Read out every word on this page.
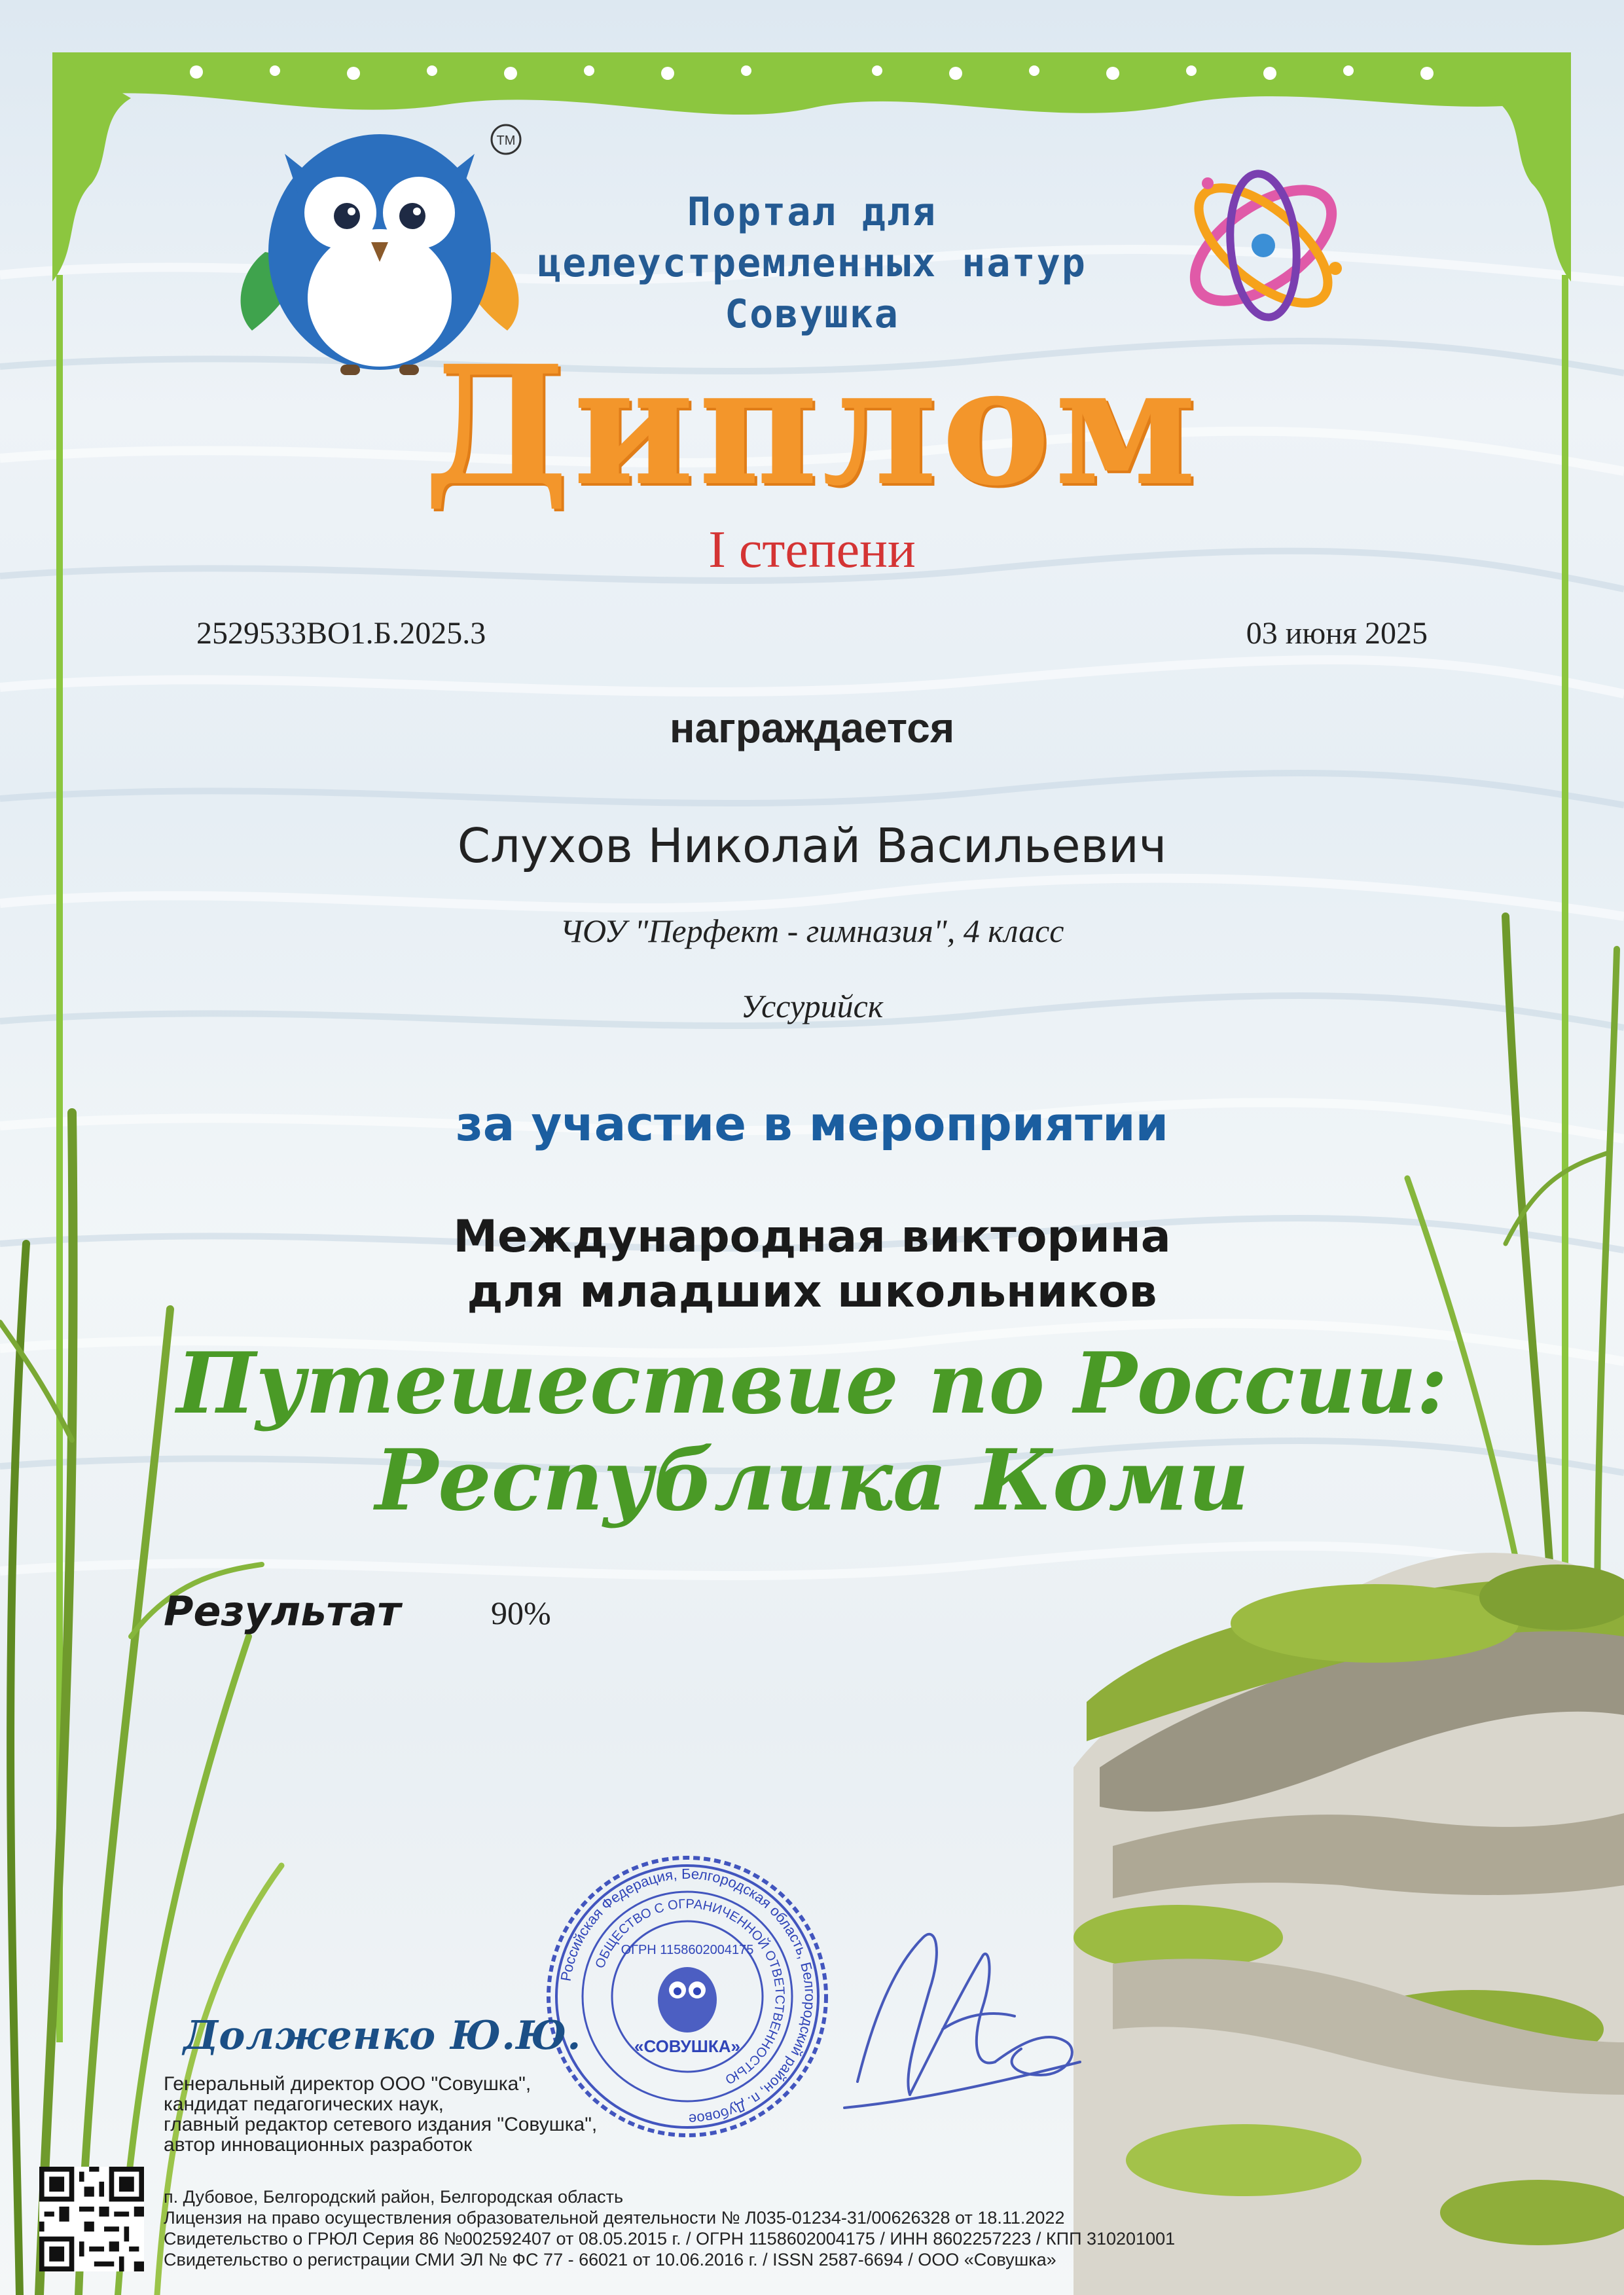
TM
Портал для
целеустремленных натур
Совушка
Диплом
I степени
2529533ВО1.Б.2025.3	03 июня 2025
награждается
Слухов Николай Васильевич
ЧОУ "Перфект - гимназия", 4 класс
Уссурийск
за участие в мероприятии
Международная викторина
для младших школьников
Путешествие по России:
Республика Коми
Результат	90%
Российская Федерация, Белгородская область, Белгородский район, п. Дубовое
ОБЩЕСТВО С ОГРАНИЧЕННОЙ ОТВЕТСТВЕННОСТЬЮ
ОГРН 1158602004175
«СОВУШКА»
Долженко Ю.Ю.
Генеральный директор ООО "Совушка",
кандидат педагогических наук,
главный редактор сетевого издания "Совушка",
автор инновационных разработок
п. Дубовое, Белгородский район, Белгородская область
Лицензия на право осуществления образовательной деятельности № Л035-01234-31/00626328 от 18.11.2022
Свидетельство о ГРЮЛ Серия 86 №002592407 от 08.05.2015 г. / ОГРН 1158602004175 / ИНН 8602257223 / КПП 310201001
Свидетельство о регистрации СМИ ЭЛ № ФС 77 - 66021 от 10.06.2016 г. / ISSN 2587-6694 / ООО «Совушка»
